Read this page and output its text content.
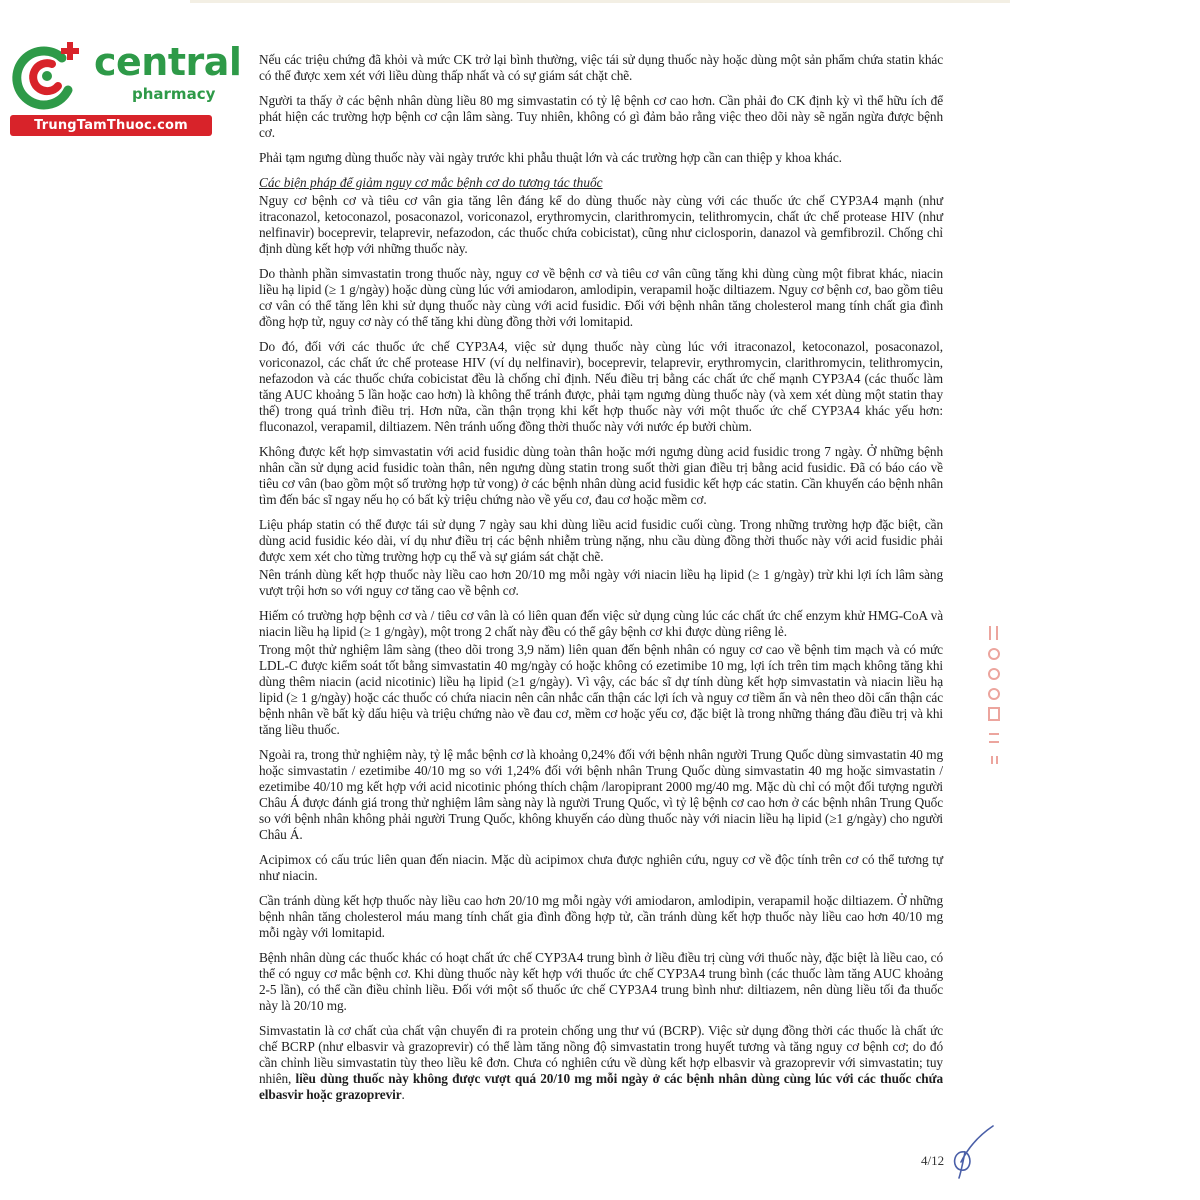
central
pharmacy
TrungTamThuoc.com

Nếu các triệu chứng đã khỏi và mức CK trở lại bình thường, việc tái sử dụng thuốc này hoặc dùng một sản phẩm chứa statin khác có thể được xem xét với liều dùng thấp nhất và có sự giám sát chặt chẽ.

Người ta thấy ở các bệnh nhân dùng liều 80 mg simvastatin có tỷ lệ bệnh cơ cao hơn. Cần phải đo CK định kỳ vì thể hữu ích để phát hiện các trường hợp bệnh cơ cận lâm sàng. Tuy nhiên, không có gì đảm bảo rằng việc theo dõi này sẽ ngăn ngừa được bệnh cơ.

Phải tạm ngưng dùng thuốc này vài ngày trước khi phẫu thuật lớn và các trường hợp cần can thiệp y khoa khác.

Các biện pháp để giảm nguy cơ mắc bệnh cơ do tương tác thuốc

Nguy cơ bệnh cơ và tiêu cơ vân gia tăng lên đáng kể do dùng thuốc này cùng với các thuốc ức chế CYP3A4 mạnh (như itraconazol, ketoconazol, posaconazol, voriconazol, erythromycin, clarithromycin, telithromycin, chất ức chế protease HIV (như nelfinavir) boceprevir, telaprevir, nefazodon, các thuốc chứa cobicistat), cũng như ciclosporin, danazol và gemfibrozil. Chống chỉ định dùng kết hợp với những thuốc này.

Do thành phần simvastatin trong thuốc này, nguy cơ về bệnh cơ và tiêu cơ vân cũng tăng khi dùng cùng một fibrat khác, niacin liều hạ lipid (≥ 1 g/ngày) hoặc dùng cùng lúc với amiodaron, amlodipin, verapamil hoặc diltiazem. Nguy cơ bệnh cơ, bao gồm tiêu cơ vân có thể tăng lên khi sử dụng thuốc này cùng với acid fusidic. Đối với bệnh nhân tăng cholesterol mang tính chất gia đình đồng hợp tử, nguy cơ này có thể tăng khi dùng đồng thời với lomitapid.

Do đó, đối với các thuốc ức chế CYP3A4, việc sử dụng thuốc này cùng lúc với itraconazol, ketoconazol, posaconazol, voriconazol, các chất ức chế protease HIV (ví dụ nelfinavir), boceprevir, telaprevir, erythromycin, clarithromycin, telithromycin, nefazodon và các thuốc chứa cobicistat đều là chống chỉ định. Nếu điều trị bằng các chất ức chế mạnh CYP3A4 (các thuốc làm tăng AUC khoảng 5 lần hoặc cao hơn) là không thể tránh được, phải tạm ngưng dùng thuốc này (và xem xét dùng một statin thay thế) trong quá trình điều trị. Hơn nữa, cần thận trọng khi kết hợp thuốc này với một thuốc ức chế CYP3A4 khác yếu hơn: fluconazol, verapamil, diltiazem. Nên tránh uống đồng thời thuốc này với nước ép bưởi chùm.

Không được kết hợp simvastatin với acid fusidic dùng toàn thân hoặc mới ngưng dùng acid fusidic trong 7 ngày. Ở những bệnh nhân cần sử dụng acid fusidic toàn thân, nên ngưng dùng statin trong suốt thời gian điều trị bằng acid fusidic. Đã có báo cáo về tiêu cơ vân (bao gồm một số trường hợp tử vong) ở các bệnh nhân dùng acid fusidic kết hợp các statin. Cần khuyến cáo bệnh nhân tìm đến bác sĩ ngay nếu họ có bất kỳ triệu chứng nào về yếu cơ, đau cơ hoặc mềm cơ.

Liệu pháp statin có thể được tái sử dụng 7 ngày sau khi dùng liều acid fusidic cuối cùng. Trong những trường hợp đặc biệt, cần dùng acid fusidic kéo dài, ví dụ như điều trị các bệnh nhiễm trùng nặng, nhu cầu dùng đồng thời thuốc này với acid fusidic phải được xem xét cho từng trường hợp cụ thể và sự giám sát chặt chẽ.

Nên tránh dùng kết hợp thuốc này liều cao hơn 20/10 mg mỗi ngày với niacin liều hạ lipid (≥ 1 g/ngày) trừ khi lợi ích lâm sàng vượt trội hơn so với nguy cơ tăng cao về bệnh cơ.

Hiếm có trường hợp bệnh cơ và / tiêu cơ vân là có liên quan đến việc sử dụng cùng lúc các chất ức chế enzym khử HMG-CoA và niacin liều hạ lipid (≥ 1 g/ngày), một trong 2 chất này đều có thể gây bệnh cơ khi được dùng riêng lẻ.

Trong một thử nghiệm lâm sàng (theo dõi trong 3,9 năm) liên quan đến bệnh nhân có nguy cơ cao về bệnh tim mạch và có mức LDL-C được kiểm soát tốt bằng simvastatin 40 mg/ngày có hoặc không có ezetimibe 10 mg, lợi ích trên tim mạch không tăng khi dùng thêm niacin (acid nicotinic) liều hạ lipid (≥1 g/ngày). Vì vậy, các bác sĩ dự tính dùng kết hợp simvastatin và niacin liều hạ lipid (≥ 1 g/ngày) hoặc các thuốc có chứa niacin nên cân nhắc cẩn thận các lợi ích và nguy cơ tiềm ẩn và nên theo dõi cẩn thận các bệnh nhân về bất kỳ dấu hiệu và triệu chứng nào về đau cơ, mềm cơ hoặc yếu cơ, đặc biệt là trong những tháng đầu điều trị và khi tăng liều thuốc.

Ngoài ra, trong thử nghiệm này, tỷ lệ mắc bệnh cơ là khoảng 0,24% đối với bệnh nhân người Trung Quốc dùng simvastatin 40 mg hoặc simvastatin / ezetimibe 40/10 mg so với 1,24% đối với bệnh nhân Trung Quốc dùng simvastatin 40 mg hoặc simvastatin / ezetimibe 40/10 mg kết hợp với acid nicotinic phóng thích chậm /laropiprant 2000 mg/40 mg. Mặc dù chỉ có một đối tượng người Châu Á được đánh giá trong thử nghiệm lâm sàng này là người Trung Quốc, vì tỷ lệ bệnh cơ cao hơn ở các bệnh nhân Trung Quốc so với bệnh nhân không phải người Trung Quốc, không khuyến cáo dùng thuốc này với niacin liều hạ lipid (≥1 g/ngày) cho người Châu Á.

Acipimox có cấu trúc liên quan đến niacin. Mặc dù acipimox chưa được nghiên cứu, nguy cơ về độc tính trên cơ có thể tương tự như niacin.

Cần tránh dùng kết hợp thuốc này liều cao hơn 20/10 mg mỗi ngày với amiodaron, amlodipin, verapamil hoặc diltiazem. Ở những bệnh nhân tăng cholesterol máu mang tính chất gia đình đồng hợp tử, cần tránh dùng kết hợp thuốc này liều cao hơn 40/10 mg mỗi ngày với lomitapid.

Bệnh nhân dùng các thuốc khác có hoạt chất ức chế CYP3A4 trung bình ở liều điều trị cùng với thuốc này, đặc biệt là liều cao, có thể có nguy cơ mắc bệnh cơ. Khi dùng thuốc này kết hợp với thuốc ức chế CYP3A4 trung bình (các thuốc làm tăng AUC khoảng 2-5 lần), có thể cần điều chỉnh liều. Đối với một số thuốc ức chế CYP3A4 trung bình như: diltiazem, nên dùng liều tối đa thuốc này là 20/10 mg.

Simvastatin là cơ chất của chất vận chuyển đi ra protein chống ung thư vú (BCRP). Việc sử dụng đồng thời các thuốc là chất ức chế BCRP (như elbasvir và grazoprevir) có thể làm tăng nồng độ simvastatin trong huyết tương và tăng nguy cơ bệnh cơ; do đó cần chỉnh liều simvastatin tùy theo liều kê đơn. Chưa có nghiên cứu về dùng kết hợp elbasvir và grazoprevir với simvastatin; tuy nhiên, liều dùng thuốc này không được vượt quá 20/10 mg mỗi ngày ở các bệnh nhân dùng cùng lúc với các thuốc chứa elbasvir hoặc grazoprevir.

4/12
